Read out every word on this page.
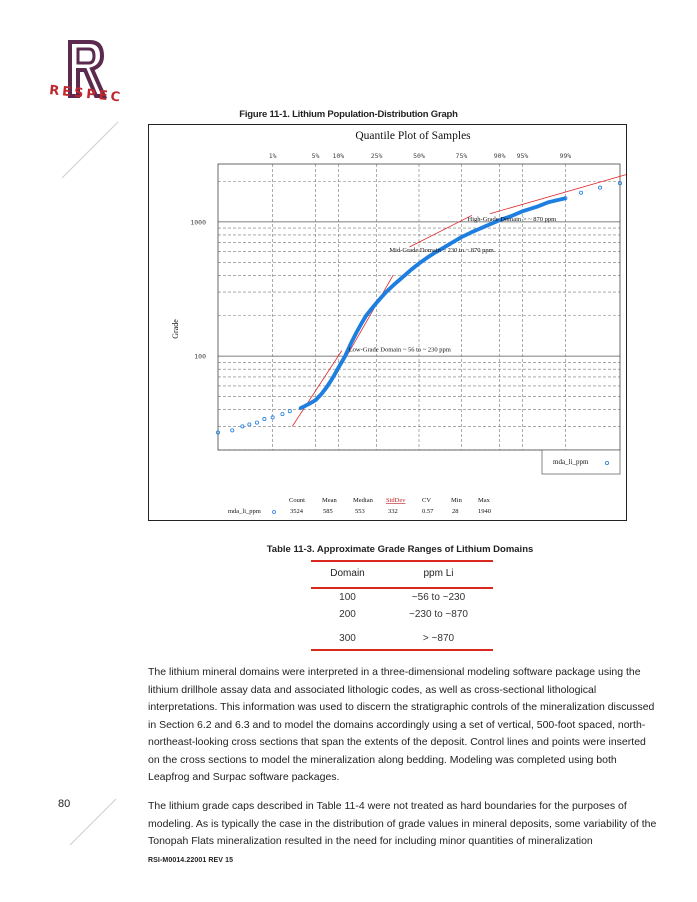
RESPEC
Figure 11-1. Lithium Population-Distribution Graph
Quantile Plot of Samples
Grade
1%	5% 10%	25%	50%	75%	90% 95%	99%
100
1000	High-Grade Domain > ~ 870 ppm
Mid-Grade Domain ~ 230 to ~ 870 ppm
Low-Grade Domain ~ 56 to ~ 230 ppm
mda_li_ppm
Count	Mean Median StdDev	CV	Min Max
mda_li_ppm	3524	585	553	332	0.57	28	1940
Table 11-3. Approximate Grade Ranges of Lithium Domains
Domain	ppm Li
100	~56 to ~230
200	~230 to ~870
300	> ~870
The lithium mineral domains were interpreted in a three-dimensional modeling software package using the lithium drillhole assay data and associated lithologic codes, as well as cross-sectional lithological interpretations. This information was used to discern the stratigraphic controls of the mineralization discussed in Section 6.2 and 6.3 and to model the domains accordingly using a set of vertical, 500-foot spaced, north-northeast-looking cross sections that span the extents of the deposit. Control lines and points were inserted on the cross sections to model the mineralization along bedding. Modeling was completed using both Leapfrog and Surpac software packages.
80	The lithium grade caps described in Table 11-4 were not treated as hard boundaries for the purposes of modeling. As is typically the case in the distribution of grade values in mineral deposits, some variability of the Tonopah Flats mineralization resulted in the need for including minor quantities of mineralization
RSI-M0014.22001 REV 15
